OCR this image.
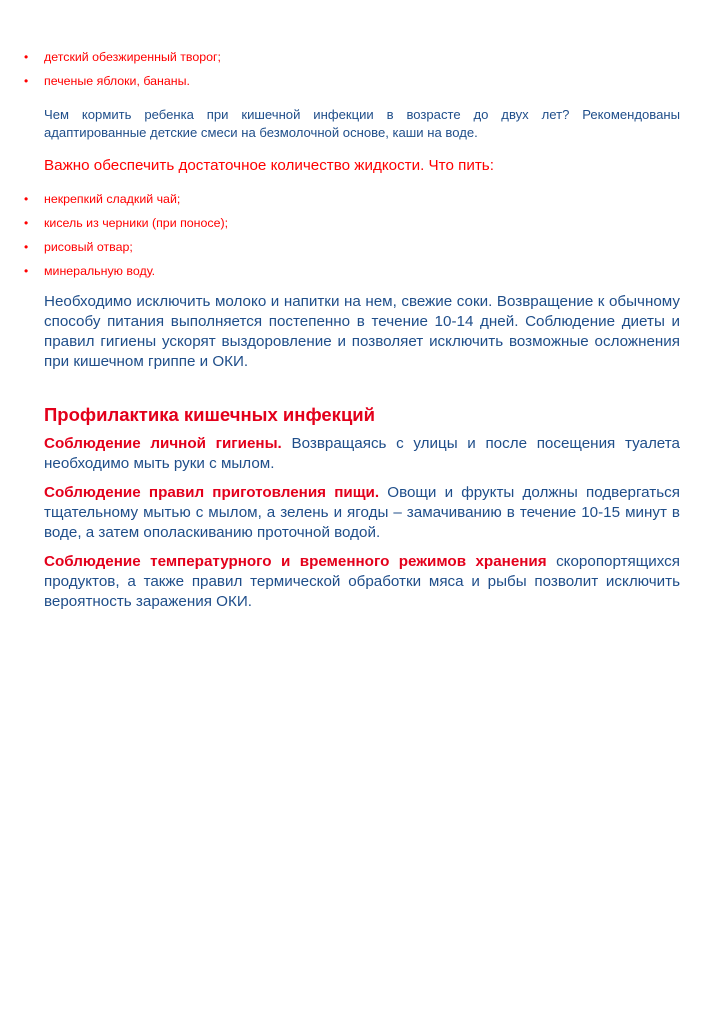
• детский обезжиренный творог;
• печеные яблоки, бананы.

Чем кормить ребенка при кишечной инфекции в возрасте до двух лет? Рекомендованы адаптированные детские смеси на безмолочной основе, каши на воде.

Важно обеспечить достаточное количество жидкости. Что пить:

• некрепкий сладкий чай;
• кисель из черники (при поносе);
• рисовый отвар;
• минеральную воду.

Необходимо исключить молоко и напитки на нем, свежие соки. Возвращение к обычному способу питания выполняется постепенно в течение 10-14 дней. Соблюдение диеты и правил гигиены ускорят выздоровление и позволяет исключить возможные осложнения при кишечном гриппе и ОКИ.

Профилактика кишечных инфекций

Соблюдение личной гигиены. Возвращаясь с улицы и после посещения туалета необходимо мыть руки с мылом.

Соблюдение правил приготовления пищи. Овощи и фрукты должны подвергаться тщательному мытью с мылом, а зелень и ягоды – замачиванию в течение 10-15 минут в воде, а затем ополаскиванию проточной водой.

Соблюдение температурного и временного режимов хранения скоропортящихся продуктов, а также правил термической обработки мяса и рыбы позволит исключить вероятность заражения ОКИ.
